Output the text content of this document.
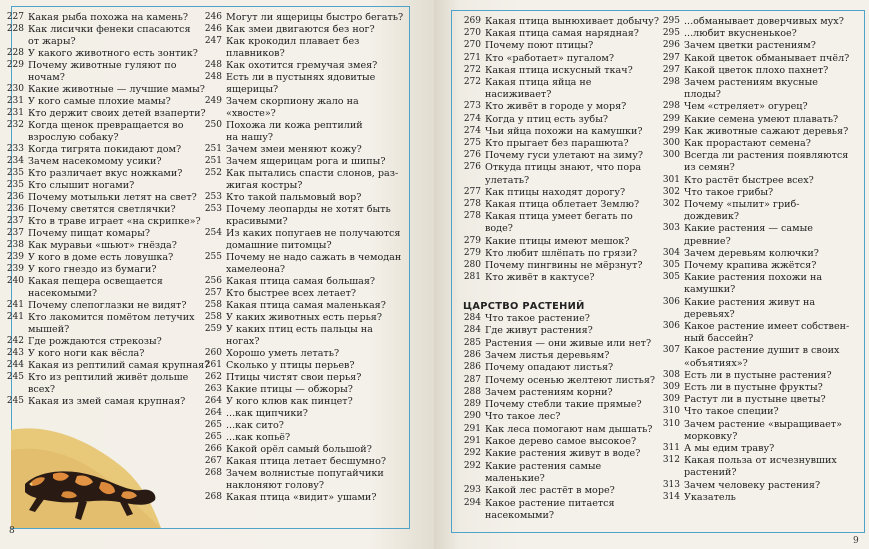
227 Какая рыба похожа на камень?
228 Как лисички фенеки спасаются
от жары?
228 У какого животного есть зонтик?
229 Почему животные гуляют по
ночам?
230 Какие животные — лучшие мамы?
231 У кого самые плохие мамы?
231 Кто держит своих детей взаперти?
232 Когда щенок превращается во
взрослую собаку?
233 Когда тигрята покидают дом?
234 Зачем насекомому усики?
235 Кто различает вкус ножками?
235 Кто слышит ногами?
236 Почему мотыльки летят на свет?
236 Почему светятся светлячки?
237 Кто в траве играет «на скрипке»?
237 Почему пищат комары?
238 Как муравьи «шьют» гнёзда?
239 У кого в доме есть ловушка?
239 У кого гнездо из бумаги?
240 Какая пещера освещается
насекомыми?
241 Почему слепоглазки не видят?
241 Кто лакомится помётом летучих
мышей?
242 Где рождаются стрекозы?
243 У кого ноги как вёсла?
244 Какая из рептилий самая крупная?
245 Кто из рептилий живёт дольше
всех?
245 Какая из змей самая крупная?
246 Могут ли ящерицы быстро бегать?
246 Как змеи двигаются без ног?
247 Как крокодил плавает без
плавников?
248 Как охотится гремучая змея?
248 Есть ли в пустынях ядовитые
ящерицы?
249 Зачем скорпиону жало на
«хвосте»?
250 Похожа ли кожа рептилий
на нашу?
251 Зачем змеи меняют кожу?
251 Зачем ящерицам рога и шипы?
252 Как пытались спасти слонов, раз-
жигая костры?
253 Кто такой пальмовый вор?
253 Почему леопарды не хотят быть
красивыми?
254 Из каких попугаев не получаются
домашние питомцы?
255 Почему не надо сажать в чемодан
хамелеона?
256 Какая птица самая большая?
257 Кто быстрее всех летает?
258 Какая птица самая маленькая?
258 У каких животных есть перья?
259 У каких птиц есть пальцы на
ногах?
260 Хорошо уметь летать?
261 Сколько у птицы перьев?
262 Птицы чистят свои перья?
263 Какие птицы — обжоры?
264 У кого клюв как пинцет?
264 ...как щипчики?
265 ...как сито?
265 ...как копьё?
266 Какой орёл самый большой?
267 Какая птица летает бесшумно?
268 Зачем волнистые попугайчики
наклоняют голову?
268 Какая птица «видит» ушами?
269 Какая птица вынюхивает добычу?
270 Какая птица самая нарядная?
270 Почему поют птицы?
271 Кто «работает» пугалом?
272 Какая птица искусный ткач?
272 Какая птица яйца не
насиживает?
273 Кто живёт в городе у моря?
274 Когда у птиц есть зубы?
274 Чьи яйца похожи на камушки?
275 Кто прыгает без парашюта?
276 Почему гуси улетают на зиму?
276 Откуда птицы знают, что пора
улетать?
277 Как птицы находят дорогу?
278 Какая птица облетает Землю?
278 Какая птица умеет бегать по
воде?
279 Какие птицы имеют мешок?
279 Кто любит шлёпать по грязи?
280 Почему пингвины не мёрзнут?
281 Кто живёт в кактусе?
ЦАРСТВО РАСТЕНИЙ
284 Что такое растение?
284 Где живут растения?
285 Растения — они живые или нет?
286 Зачем листья деревьям?
286 Почему опадают листья?
287 Почему осенью желтеют листья?
288 Зачем растениям корни?
289 Почему стебли такие прямые?
290 Что такое лес?
291 Как леса помогают нам дышать?
291 Какое дерево самое высокое?
292 Какие растения живут в воде?
292 Какие растения самые
маленькие?
293 Какой лес растёт в море?
294 Какое растение питается
насекомыми?
295 ...обманывает доверчивых мух?
295 ...любит вкусненькое?
296 Зачем цветки растениям?
297 Какой цветок обманывает пчёл?
297 Какой цветок плохо пахнет?
298 Зачем растениям вкусные
плоды?
298 Чем «стреляет» огурец?
299 Какие семена умеют плавать?
299 Как животные сажают деревья?
300 Как прорастают семена?
300 Всегда ли растения появляются
из семян?
301 Кто растёт быстрее всех?
302 Что такое грибы?
302 Почему «пылит» гриб-
дождевик?
303 Какие растения — самые
древние?
304 Зачем деревьям колючки?
305 Почему крапива жжётся?
305 Какие растения похожи на
камушки?
306 Какие растения живут на
деревьях?
306 Какое растение имеет собствен-
ный бассейн?
307 Какое растение душит в своих
«объятиях»?
308 Есть ли в пустыне растения?
309 Есть ли в пустыне фрукты?
309 Растут ли в пустыне цветы?
310 Что такое специи?
310 Зачем растение «выращивает»
морковку?
311 А мы едим траву?
312 Какая польза от исчезнувших
растений?
313 Зачем человеку растения?
314 Указатель
8
9
